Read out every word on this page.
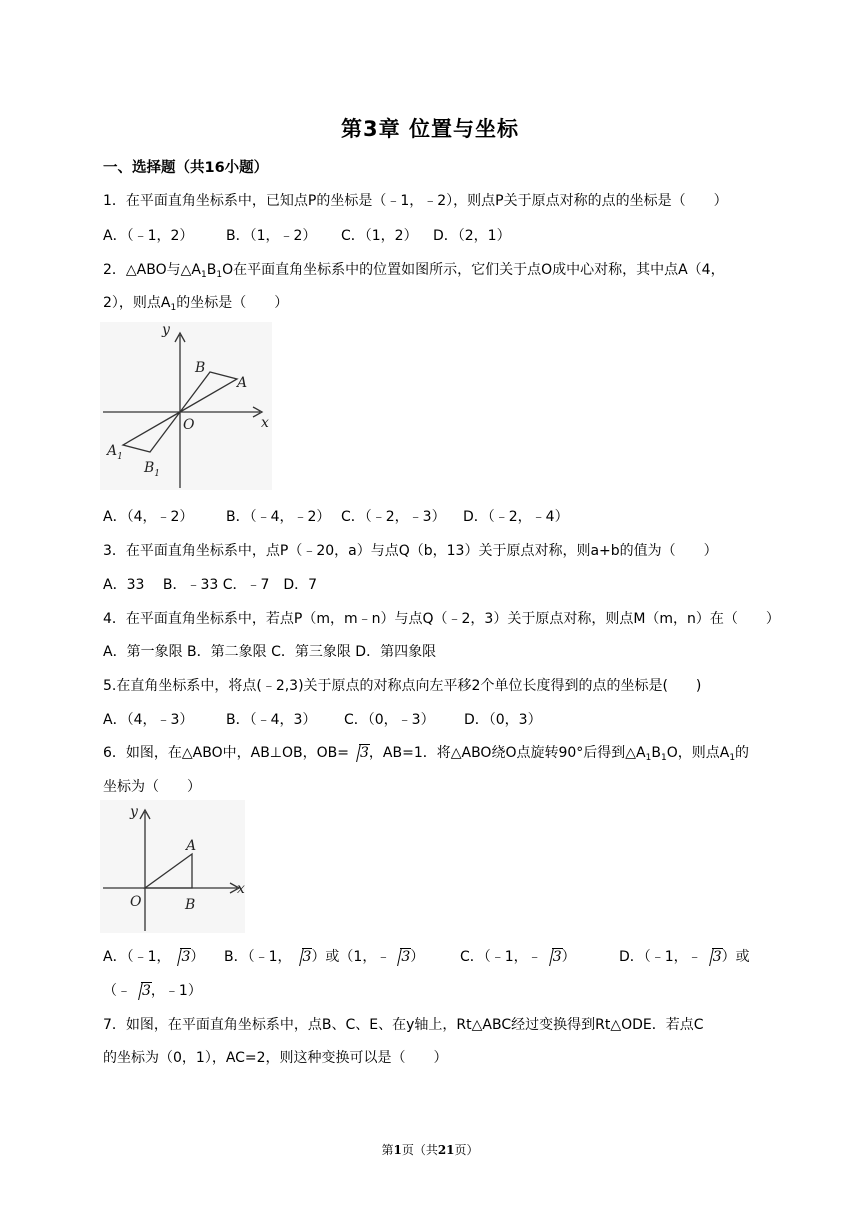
第3章 位置与坐标
一、选择题（共16小题）
1．在平面直角坐标系中，已知点P的坐标是（﹣1，﹣2），则点P关于原点对称的点的坐标是（　　）
A．（﹣1，2） B．（1，﹣2） C．（1，2） D．（2，1）
2．△ABO与$\triangle A_1B_1O$在平面直角坐标系中的位置如图所示，它们关于点O成中心对称，其中点A（4，
2），则点$A_1$的坐标是（　　）
y
x
O
B
A
$A_1$
$B_1$
A．（4，﹣2） B．（﹣4，﹣2） C．（﹣2，﹣3） D．（﹣2，﹣4）
3．在平面直角坐标系中，点P（﹣20，a）与点Q（b，13）关于原点对称，则a+b的值为（　　）
A．33　 B．﹣33 C．﹣7　D．7
4．在平面直角坐标系中，若点P（m，m﹣n）与点Q（﹣2，3）关于原点对称，则点M（m，n）在（　　）
A．第一象限 B．第二象限 C．第三象限 D．第四象限
5.在直角坐标系中，将点(﹣2,3)关于原点的对称点向左平移2个单位长度得到的点的坐标是(　　)
A．（4，﹣3） B．（﹣4，3） C．（0，﹣3） D．（0，3）
6．如图，在△ABO中，AB⊥OB，OB= 3，AB=1．将△ABO绕O点旋转90°后得到$\triangle A_1B_1O$，则点$A_1$的
坐标为（　　）
y
x
O
A
B
A．（﹣1， 3） B．（﹣1， 3）或（1，﹣ 3）	C．（﹣1，﹣ 3）	D．（﹣1，﹣ 3）或
（﹣ 3，﹣1）
7．如图，在平面直角坐标系中，点B、C、E、在y轴上，Rt△ABC经过变换得到Rt△ODE．若点C
的坐标为（0，1），AC=2，则这种变换可以是（　　）
第1页（共21页）
